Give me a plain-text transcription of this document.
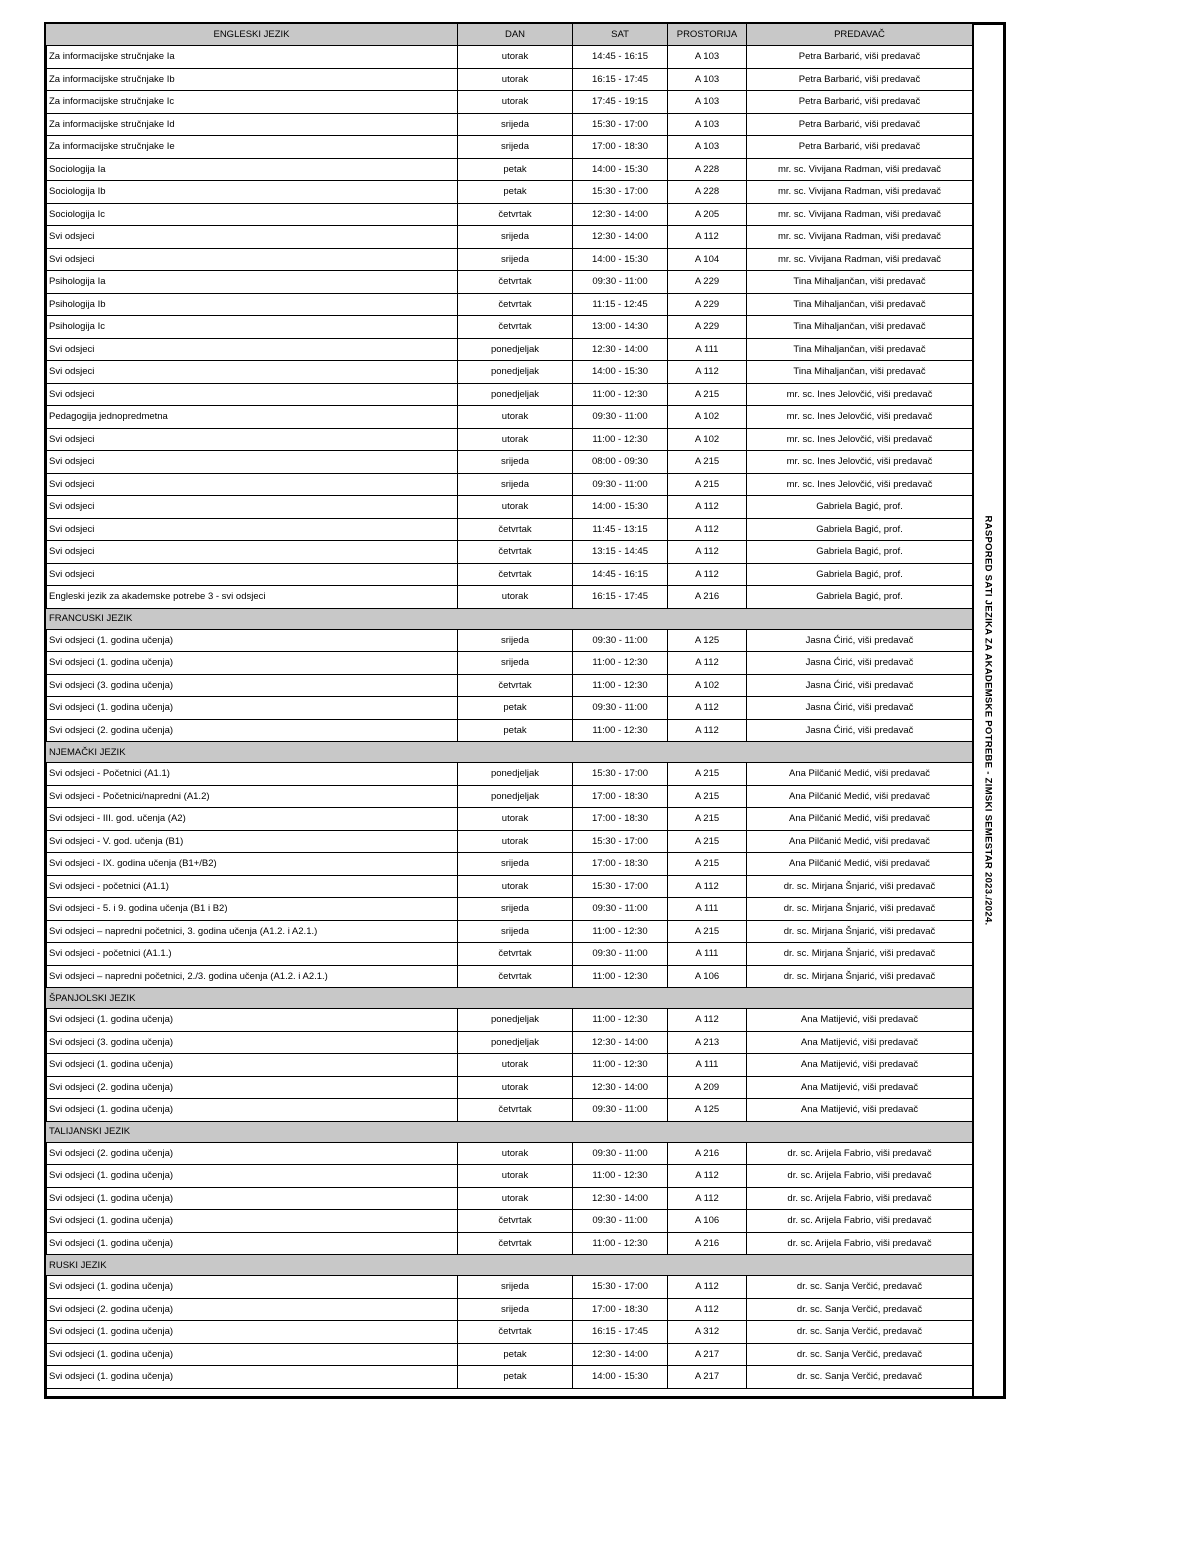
ENGLESKI JEZIK	DAN	SAT	PROSTORIJA	PREDAVAČ
Za informacijske stručnjake Ia	utorak	14:45 - 16:15	A 103	Petra Barbarić, viši predavač
Za informacijske stručnjake Ib	utorak	16:15 - 17:45	A 103	Petra Barbarić, viši predavač
Za informacijske stručnjake Ic	utorak	17:45 - 19:15	A 103	Petra Barbarić, viši predavač
Za informacijske stručnjake Id	srijeda	15:30 - 17:00	A 103	Petra Barbarić, viši predavač
Za informacijske stručnjake Ie	srijeda	17:00 - 18:30	A 103	Petra Barbarić, viši predavač
Sociologija Ia	petak	14:00 - 15:30	A 228	mr. sc. Vivijana Radman, viši predavač
Sociologija Ib	petak	15:30 - 17:00	A 228	mr. sc. Vivijana Radman, viši predavač
Sociologija Ic	četvrtak	12:30 - 14:00	A 205	mr. sc. Vivijana Radman, viši predavač
Svi odsjeci	srijeda	12:30 - 14:00	A 112	mr. sc. Vivijana Radman, viši predavač
Svi odsjeci	srijeda	14:00 - 15:30	A 104	mr. sc. Vivijana Radman, viši predavač
Psihologija Ia	četvrtak	09:30 - 11:00	A 229	Tina Mihaljančan, viši predavač
Psihologija Ib	četvrtak	11:15 - 12:45	A 229	Tina Mihaljančan, viši predavač
Psihologija Ic	četvrtak	13:00 - 14:30	A 229	Tina Mihaljančan, viši predavač
Svi odsjeci	ponedjeljak	12:30 - 14:00	A 111	Tina Mihaljančan, viši predavač
Svi odsjeci	ponedjeljak	14:00 - 15:30	A 112	Tina Mihaljančan, viši predavač
Svi odsjeci	ponedjeljak	11:00 - 12:30	A 215	mr. sc. Ines Jelovčić, viši predavač
Pedagogija jednopredmetna	utorak	09:30 - 11:00	A 102	mr. sc. Ines Jelovčić, viši predavač
Svi odsjeci	utorak	11:00 - 12:30	A 102	mr. sc. Ines Jelovčić, viši predavač
Svi odsjeci	srijeda	08:00 - 09:30	A 215	mr. sc. Ines Jelovčić, viši predavač
Svi odsjeci	srijeda	09:30 - 11:00	A 215	mr. sc. Ines Jelovčić, viši predavač
Svi odsjeci	utorak	14:00 - 15:30	A 112	Gabriela Bagić, prof.
Svi odsjeci	četvrtak	11:45 - 13:15	A 112	Gabriela Bagić, prof.
Svi odsjeci	četvrtak	13:15 - 14:45	A 112	Gabriela Bagić, prof.
Svi odsjeci	četvrtak	14:45 - 16:15	A 112	Gabriela Bagić, prof.
Engleski jezik za akademske potrebe 3 - svi odsjeci	utorak	16:15 - 17:45	A 216	Gabriela Bagić, prof.
FRANCUSKI JEZIK				
Svi odsjeci (1. godina učenja)	srijeda	09:30 - 11:00	A 125	Jasna Ćirić, viši predavač
Svi odsjeci (1. godina učenja)	srijeda	11:00 - 12:30	A 112	Jasna Ćirić, viši predavač
Svi odsjeci (3. godina učenja)	četvrtak	11:00 - 12:30	A 102	Jasna Ćirić, viši predavač
Svi odsjeci (1. godina učenja)	petak	09:30 - 11:00	A 112	Jasna Ćirić, viši predavač
Svi odsjeci (2. godina učenja)	petak	11:00 - 12:30	A 112	Jasna Ćirić, viši predavač
NJEMAČKI JEZIK				
Svi odsjeci - Početnici (A1.1)	ponedjeljak	15:30 - 17:00	A 215	Ana Pilčanić Medić, viši predavač
Svi odsjeci - Početnici/napredni (A1.2)	ponedjeljak	17:00 - 18:30	A 215	Ana Pilčanić Medić, viši predavač
Svi odsjeci - III. god. učenja (A2)	utorak	17:00 - 18:30	A 215	Ana Pilčanić Medić, viši predavač
Svi odsjeci - V. god. učenja (B1)	utorak	15:30 - 17:00	A 215	Ana Pilčanić Medić, viši predavač
Svi odsjeci - IX. godina učenja (B1+/B2)	srijeda	17:00 - 18:30	A 215	Ana Pilčanić Medić, viši predavač
Svi odsjeci - početnici (A1.1)	utorak	15:30 - 17:00	A 112	dr. sc. Mirjana Šnjarić, viši predavač
Svi odsjeci - 5. i 9. godina učenja (B1 i B2)	srijeda	09:30 - 11:00	A 111	dr. sc. Mirjana Šnjarić, viši predavač
Svi odsjeci – napredni početnici, 3. godina učenja (A1.2. i A2.1.)	srijeda	11:00 - 12:30	A 215	dr. sc. Mirjana Šnjarić, viši predavač
Svi odsjeci - početnici (A1.1.)	četvrtak	09:30 - 11:00	A 111	dr. sc. Mirjana Šnjarić, viši predavač
Svi odsjeci – napredni početnici, 2./3. godina učenja (A1.2. i A2.1.)	četvrtak	11:00 - 12:30	A 106	dr. sc. Mirjana Šnjarić, viši predavač
ŠPANJOLSKI JEZIK				
Svi odsjeci (1. godina učenja)	ponedjeljak	11:00 - 12:30	A 112	Ana Matijević, viši predavač
Svi odsjeci (3. godina učenja)	ponedjeljak	12:30 - 14:00	A 213	Ana Matijević, viši predavač
Svi odsjeci (1. godina učenja)	utorak	11:00 - 12:30	A 111	Ana Matijević, viši predavač
Svi odsjeci (2. godina učenja)	utorak	12:30 - 14:00	A 209	Ana Matijević, viši predavač
Svi odsjeci (1. godina učenja)	četvrtak	09:30 - 11:00	A 125	Ana Matijević, viši predavač
TALIJANSKI JEZIK				
Svi odsjeci (2. godina učenja)	utorak	09:30 - 11:00	A 216	dr. sc. Arijela Fabrio, viši predavač
Svi odsjeci (1. godina učenja)	utorak	11:00 - 12:30	A 112	dr. sc. Arijela Fabrio, viši predavač
Svi odsjeci (1. godina učenja)	utorak	12:30 - 14:00	A 112	dr. sc. Arijela Fabrio, viši predavač
Svi odsjeci (1. godina učenja)	četvrtak	09:30 - 11:00	A 106	dr. sc. Arijela Fabrio, viši predavač
Svi odsjeci (1. godina učenja)	četvrtak	11:00 - 12:30	A 216	dr. sc. Arijela Fabrio, viši predavač
RUSKI JEZIK				
Svi odsjeci (1. godina učenja)	srijeda	15:30 - 17:00	A 112	dr. sc. Sanja Verčić, predavač
Svi odsjeci (2. godina učenja)	srijeda	17:00 - 18:30	A 112	dr. sc. Sanja Verčić, predavač
Svi odsjeci (1. godina učenja)	četvrtak	16:15 - 17:45	A 312	dr. sc. Sanja Verčić, predavač
Svi odsjeci (1. godina učenja)	petak	12:30 - 14:00	A 217	dr. sc. Sanja Verčić, predavač
Svi odsjeci (1. godina učenja)	petak	14:00 - 15:30	A 217	dr. sc. Sanja Verčić, predavač
RASPORED SATI JEZIKA ZA AKADEMSKE POTREBE - ZIMSKI SEMESTAR 2023./2024.
